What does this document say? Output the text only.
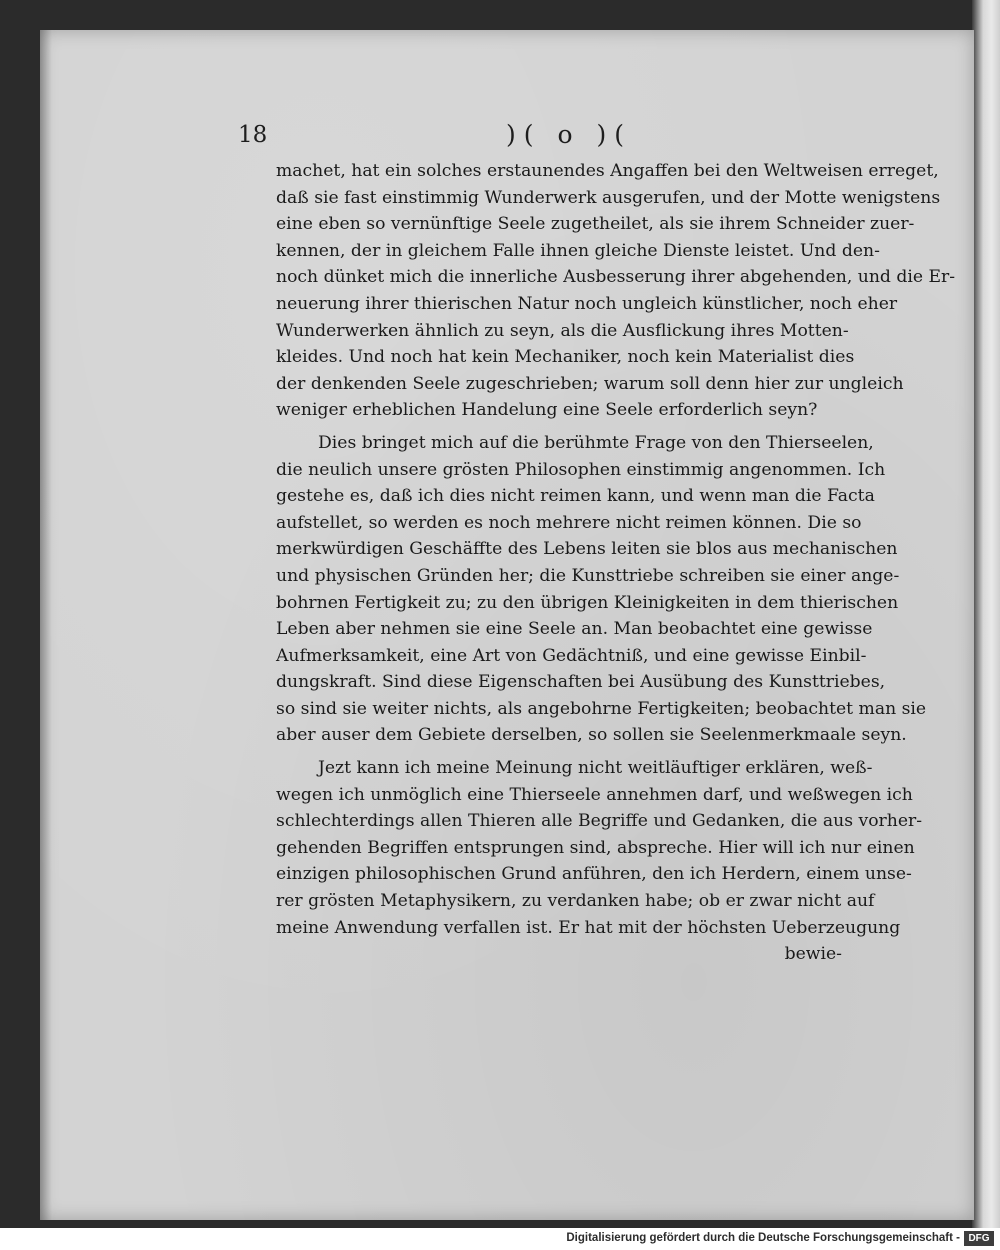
18	)( o )(
machet, hat ein solches erstaunendes Angaffen bei den Weltweisen erreget,
daß sie fast einstimmig Wunderwerk ausgerufen, und der Motte wenigstens
eine eben so vernünftige Seele zugetheilet, als sie ihrem Schneider zuer-
kennen, der in gleichem Falle ihnen gleiche Dienste leistet. Und den-
noch dünket mich die innerliche Ausbesserung ihrer abgehenden, und die Er-
neuerung ihrer thierischen Natur noch ungleich künstlicher, noch eher
Wunderwerken ähnlich zu seyn, als die Ausflickung ihres Motten-
kleides. Und noch hat kein Mechaniker, noch kein Materialist dies
der denkenden Seele zugeschrieben; warum soll denn hier zur ungleich
weniger erheblichen Handelung eine Seele erforderlich seyn?
Dies bringet mich auf die berühmte Frage von den Thierseelen,
die neulich unsere grösten Philosophen einstimmig angenommen. Ich
gestehe es, daß ich dies nicht reimen kann, und wenn man die Facta
aufstellet, so werden es noch mehrere nicht reimen können. Die so
merkwürdigen Geschäffte des Lebens leiten sie blos aus mechanischen
und physischen Gründen her; die Kunsttriebe schreiben sie einer ange-
bohrnen Fertigkeit zu; zu den übrigen Kleinigkeiten in dem thierischen
Leben aber nehmen sie eine Seele an. Man beobachtet eine gewisse
Aufmerksamkeit, eine Art von Gedächtniß, und eine gewisse Einbil-
dungskraft. Sind diese Eigenschaften bei Ausübung des Kunsttriebes,
so sind sie weiter nichts, als angebohrne Fertigkeiten; beobachtet man sie
aber auser dem Gebiete derselben, so sollen sie Seelenmerkmaale seyn.
Jezt kann ich meine Meinung nicht weitläuftiger erklären, weß-
wegen ich unmöglich eine Thierseele annehmen darf, und weßwegen ich
schlechterdings allen Thieren alle Begriffe und Gedanken, die aus vorher-
gehenden Begriffen entsprungen sind, absprechе. Hier will ich nur einen
einzigen philosophischen Grund anführen, den ich Herdern, einem unse-
rer grösten Metaphysikern, zu verdanken habe; ob er zwar nicht auf
meine Anwendung verfallen ist. Er hat mit der höchsten Ueberzeugung
bewie-
Digitalisierung gefördert durch die Deutsche Forschungsgemeinschaft - DFG
